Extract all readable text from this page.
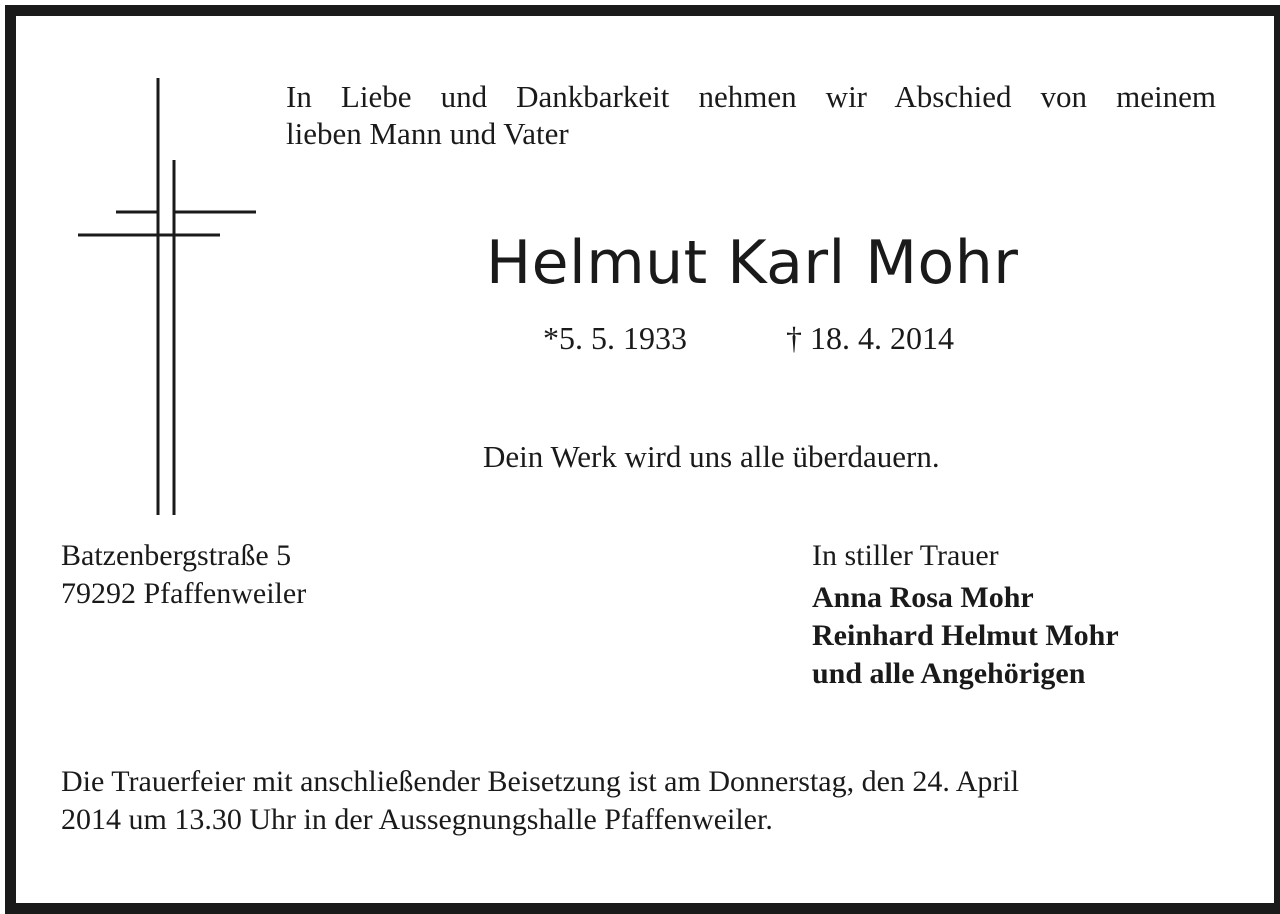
In Liebe und Dankbarkeit nehmen wir Abschied von meinem
lieben Mann und Vater
Helmut Karl Mohr
*5. 5. 1933	† 18. 4. 2014
Dein Werk wird uns alle überdauern.
Batzenbergstraße 5
79292 Pfaffenweiler
In stiller Trauer
Anna Rosa Mohr
Reinhard Helmut Mohr
und alle Angehörigen
Die Trauerfeier mit anschließender Beisetzung ist am Donnerstag, den 24. April
2014 um 13.30 Uhr in der Aussegnungshalle Pfaffenweiler.
